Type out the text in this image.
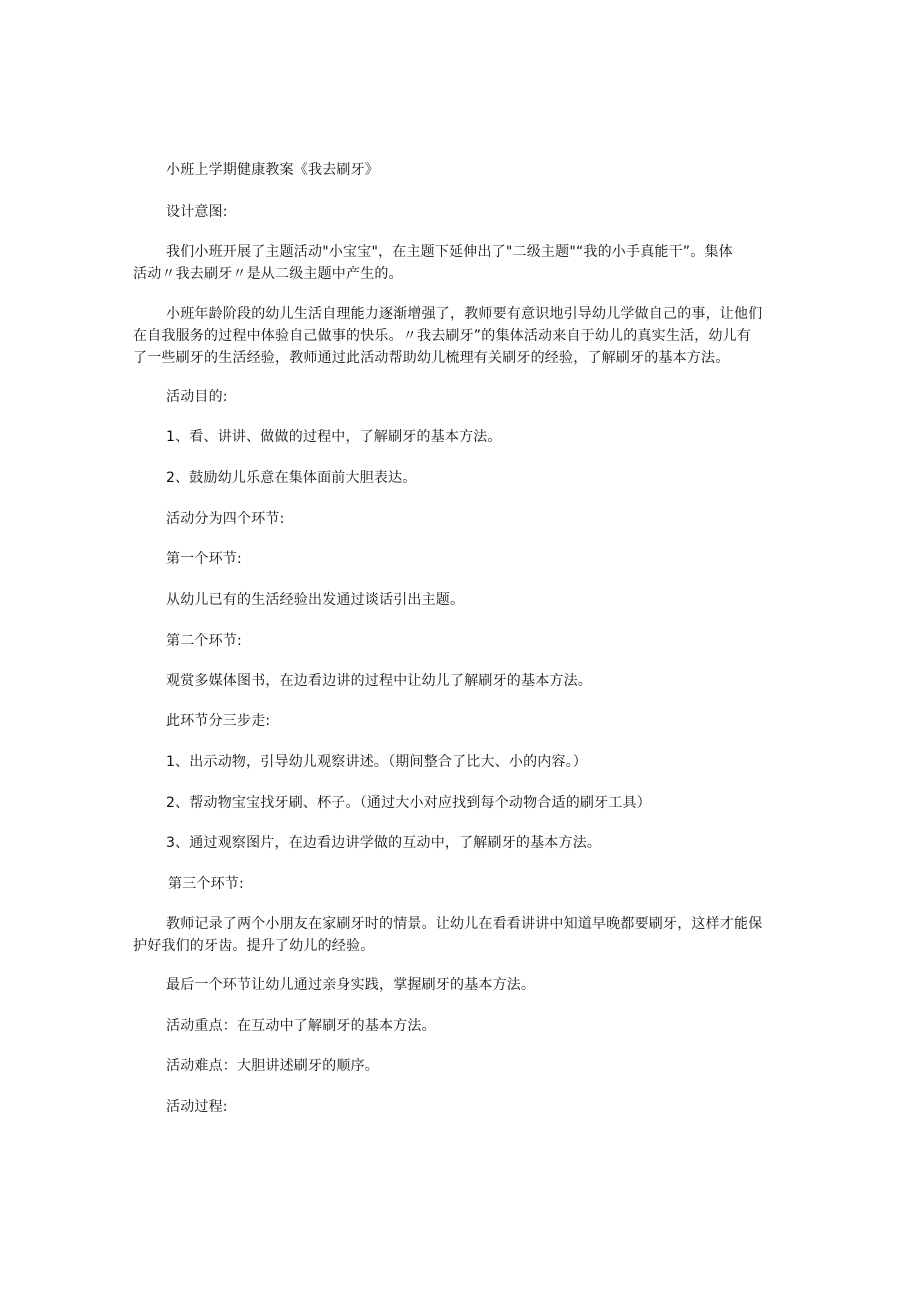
小班上学期健康教案《我去刷牙》
设计意图:
我们小班开展了主题活动"小宝宝"，在主题下延伸出了"二级主题"“我的小手真能干”。集体
活动〃我去刷牙〃是从二级主题中产生的。
小班年龄阶段的幼儿生活自理能力逐渐增强了，教师要有意识地引导幼儿学做自己的事，让他们
在自我服务的过程中体验自己做事的快乐。〃我去刷牙”的集体活动来自于幼儿的真实生活，幼儿有
了一些刷牙的生活经验，教师通过此活动帮助幼儿梳理有关刷牙的经验，了解刷牙的基本方法。
活动目的:
1、看、讲讲、做做的过程中，了解刷牙的基本方法。
2、鼓励幼儿乐意在集体面前大胆表达。
活动分为四个环节:
第一个环节:
从幼儿已有的生活经验出发通过谈话引出主题。
第二个环节:
观赏多媒体图书，在边看边讲的过程中让幼儿了解刷牙的基本方法。
此环节分三步走:
1、出示动物，引导幼儿观察讲述。（期间整合了比大、小的内容。）
2、帮动物宝宝找牙刷、杯子。（通过大小对应找到每个动物合适的刷牙工具）
3、通过观察图片，在边看边讲学做的互动中，了解刷牙的基本方法。
第三个环节:
教师记录了两个小朋友在家刷牙时的情景。让幼儿在看看讲讲中知道早晚都要刷牙，这样才能保
护好我们的牙齿。提升了幼儿的经验。
最后一个环节让幼儿通过亲身实践，掌握刷牙的基本方法。
活动重点：在互动中了解刷牙的基本方法。
活动难点：大胆讲述刷牙的顺序。
活动过程:
